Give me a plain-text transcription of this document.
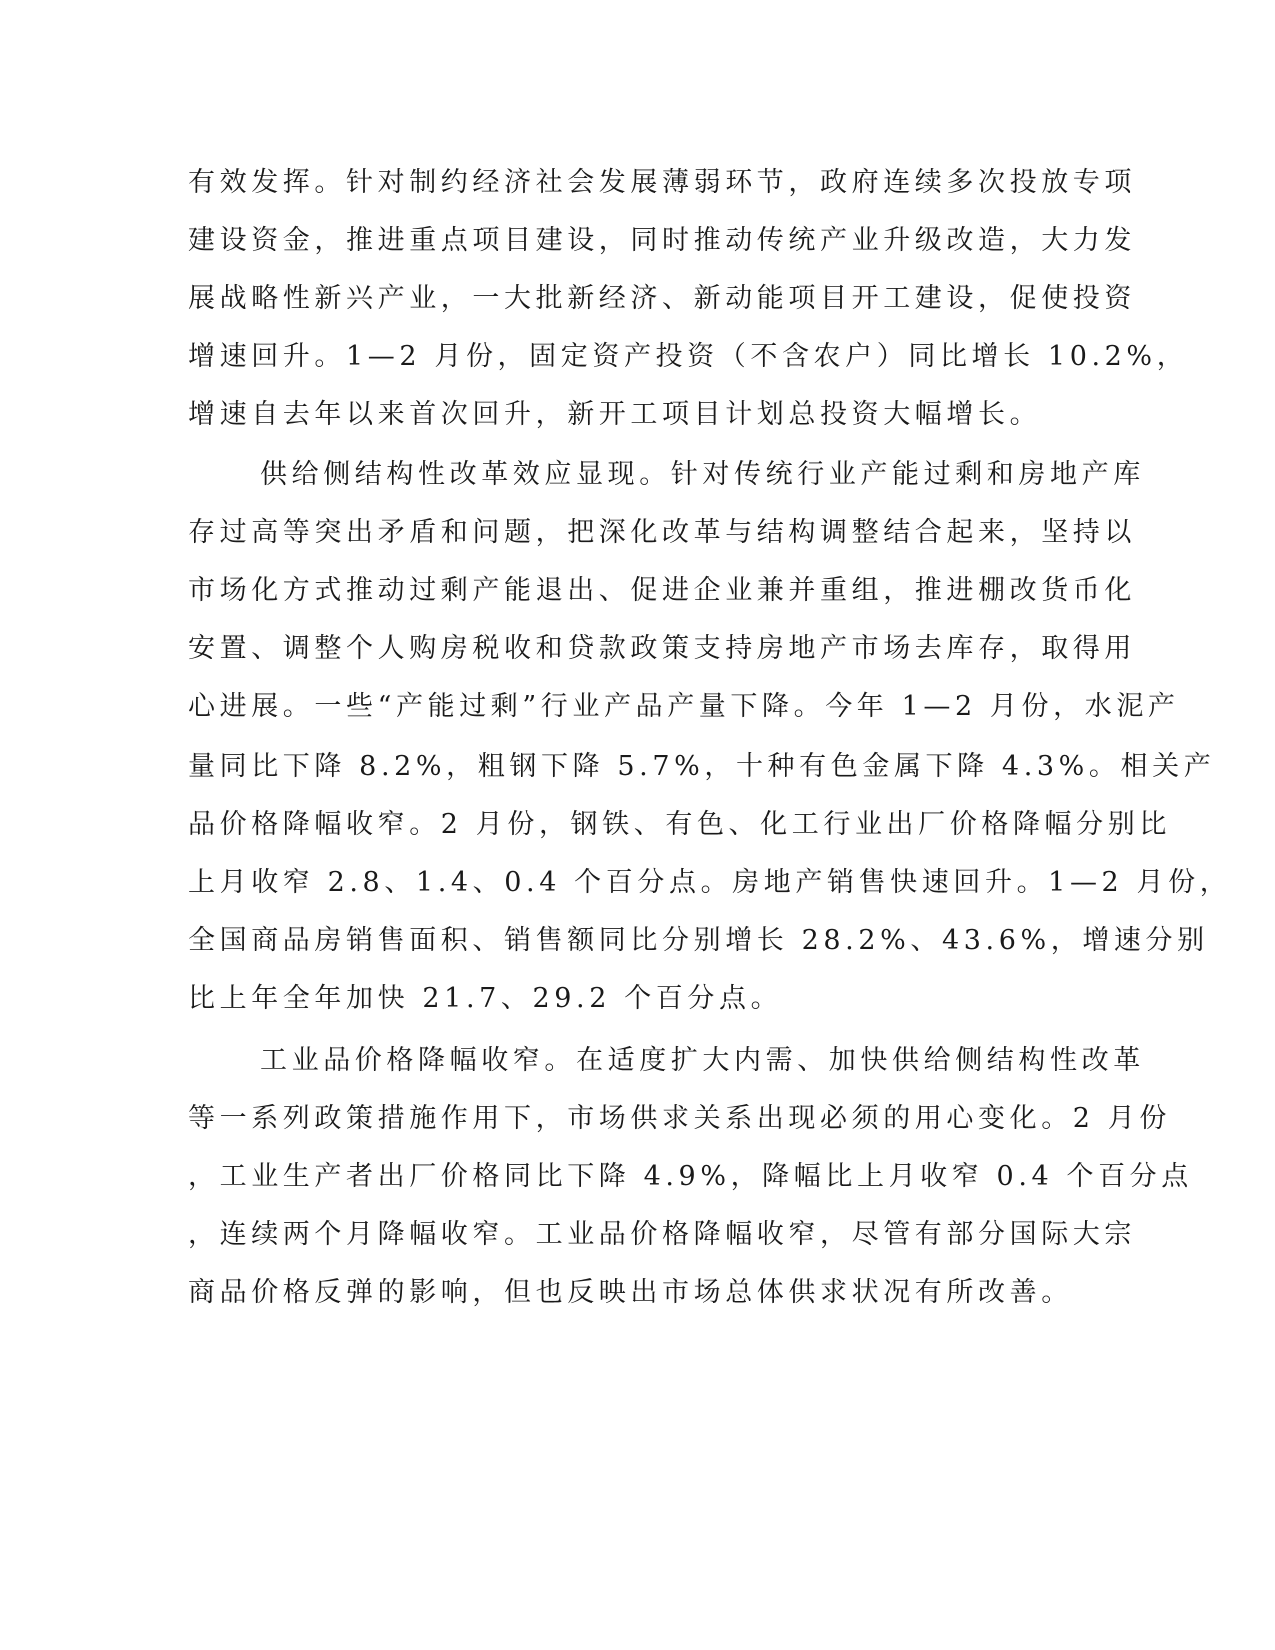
有效发挥。针对制约经济社会发展薄弱环节，政府连续多次投放专项
建设资金，推进重点项目建设，同时推动传统产业升级改造，大力发
展战略性新兴产业，一大批新经济、新动能项目开工建设，促使投资
增速回升。1—2 月份，固定资产投资（不含农户）同比增长 10.2%，
增速自去年以来首次回升，新开工项目计划总投资大幅增长。
供给侧结构性改革效应显现。针对传统行业产能过剩和房地产库
存过高等突出矛盾和问题，把深化改革与结构调整结合起来，坚持以
市场化方式推动过剩产能退出、促进企业兼并重组，推进棚改货币化
安置、调整个人购房税收和贷款政策支持房地产市场去库存，取得用
心进展。一些“产能过剩”行业产品产量下降。今年 1—2 月份，水泥产
量同比下降 8.2%，粗钢下降 5.7%，十种有色金属下降 4.3%。相关产
品价格降幅收窄。2 月份，钢铁、有色、化工行业出厂价格降幅分别比
上月收窄 2.8、1.4、0.4 个百分点。房地产销售快速回升。1—2 月份，
全国商品房销售面积、销售额同比分别增长 28.2%、43.6%，增速分别
比上年全年加快 21.7、29.2 个百分点。
工业品价格降幅收窄。在适度扩大内需、加快供给侧结构性改革
等一系列政策措施作用下，市场供求关系出现必须的用心变化。2 月份
，工业生产者出厂价格同比下降 4.9%，降幅比上月收窄 0.4 个百分点
，连续两个月降幅收窄。工业品价格降幅收窄，尽管有部分国际大宗
商品价格反弹的影响，但也反映出市场总体供求状况有所改善。
